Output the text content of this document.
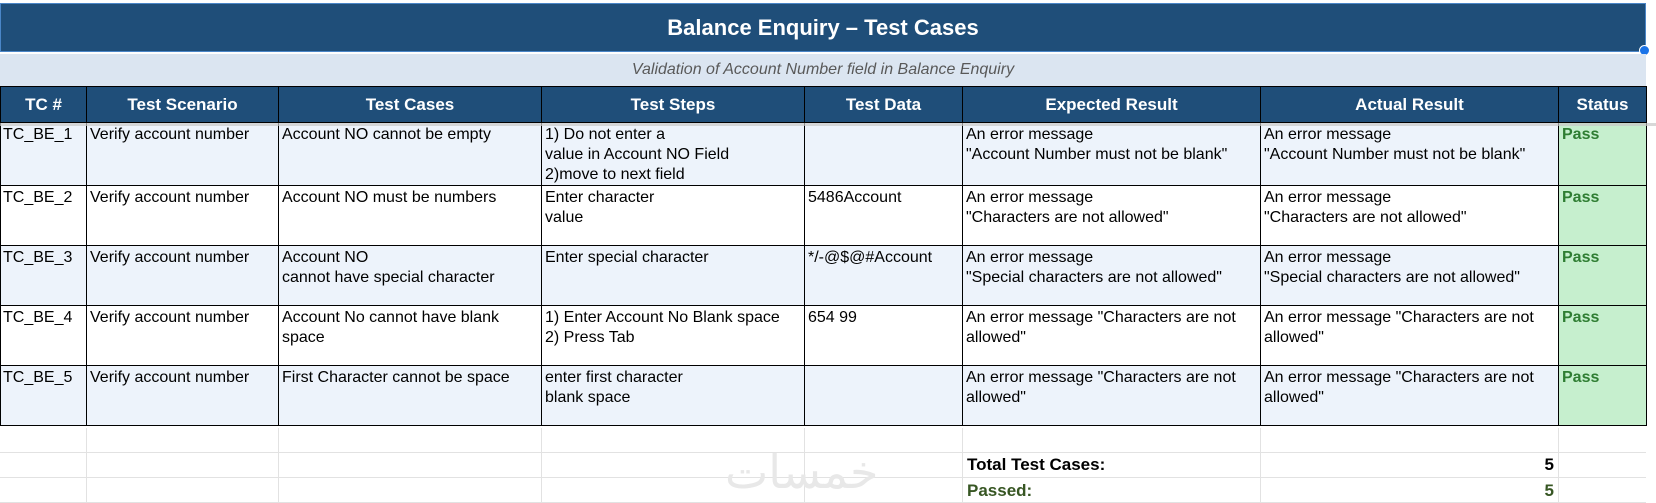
Balance Enquiry – Test Cases
Validation of Account Number field in Balance Enquiry
TC #	Test Scenario	Test Cases	Test Steps	Test Data	Expected Result	Actual Result	Status
TC_BE_1	Verify account number	Account NO cannot be empty	1) Do not enter a
value in Account NO Field
2)move to next field		An error message
"Account Number must not be blank"	An error message
"Account Number must not be blank"	Pass
TC_BE_2	Verify account number	Account NO must be numbers	Enter character
value	5486Account	An error message
"Characters are not allowed"	An error message
"Characters are not allowed"	Pass
TC_BE_3	Verify account number	Account NO
cannot have special character	Enter special character	*/-@$@#Account	An error message
"Special characters are not allowed"	An error message
"Special characters are not allowed"	Pass
TC_BE_4	Verify account number	Account No cannot have blank space	1) Enter Account No Blank space
2) Press Tab	654 99	An error message "Characters are not allowed"	An error message "Characters are not allowed"	Pass
TC_BE_5	Verify account number	First Character cannot be space	enter first character
blank space		An error message "Characters are not allowed"	An error message "Characters are not allowed"	Pass
خمسات	Total Test Cases:	5
Passed:	5
